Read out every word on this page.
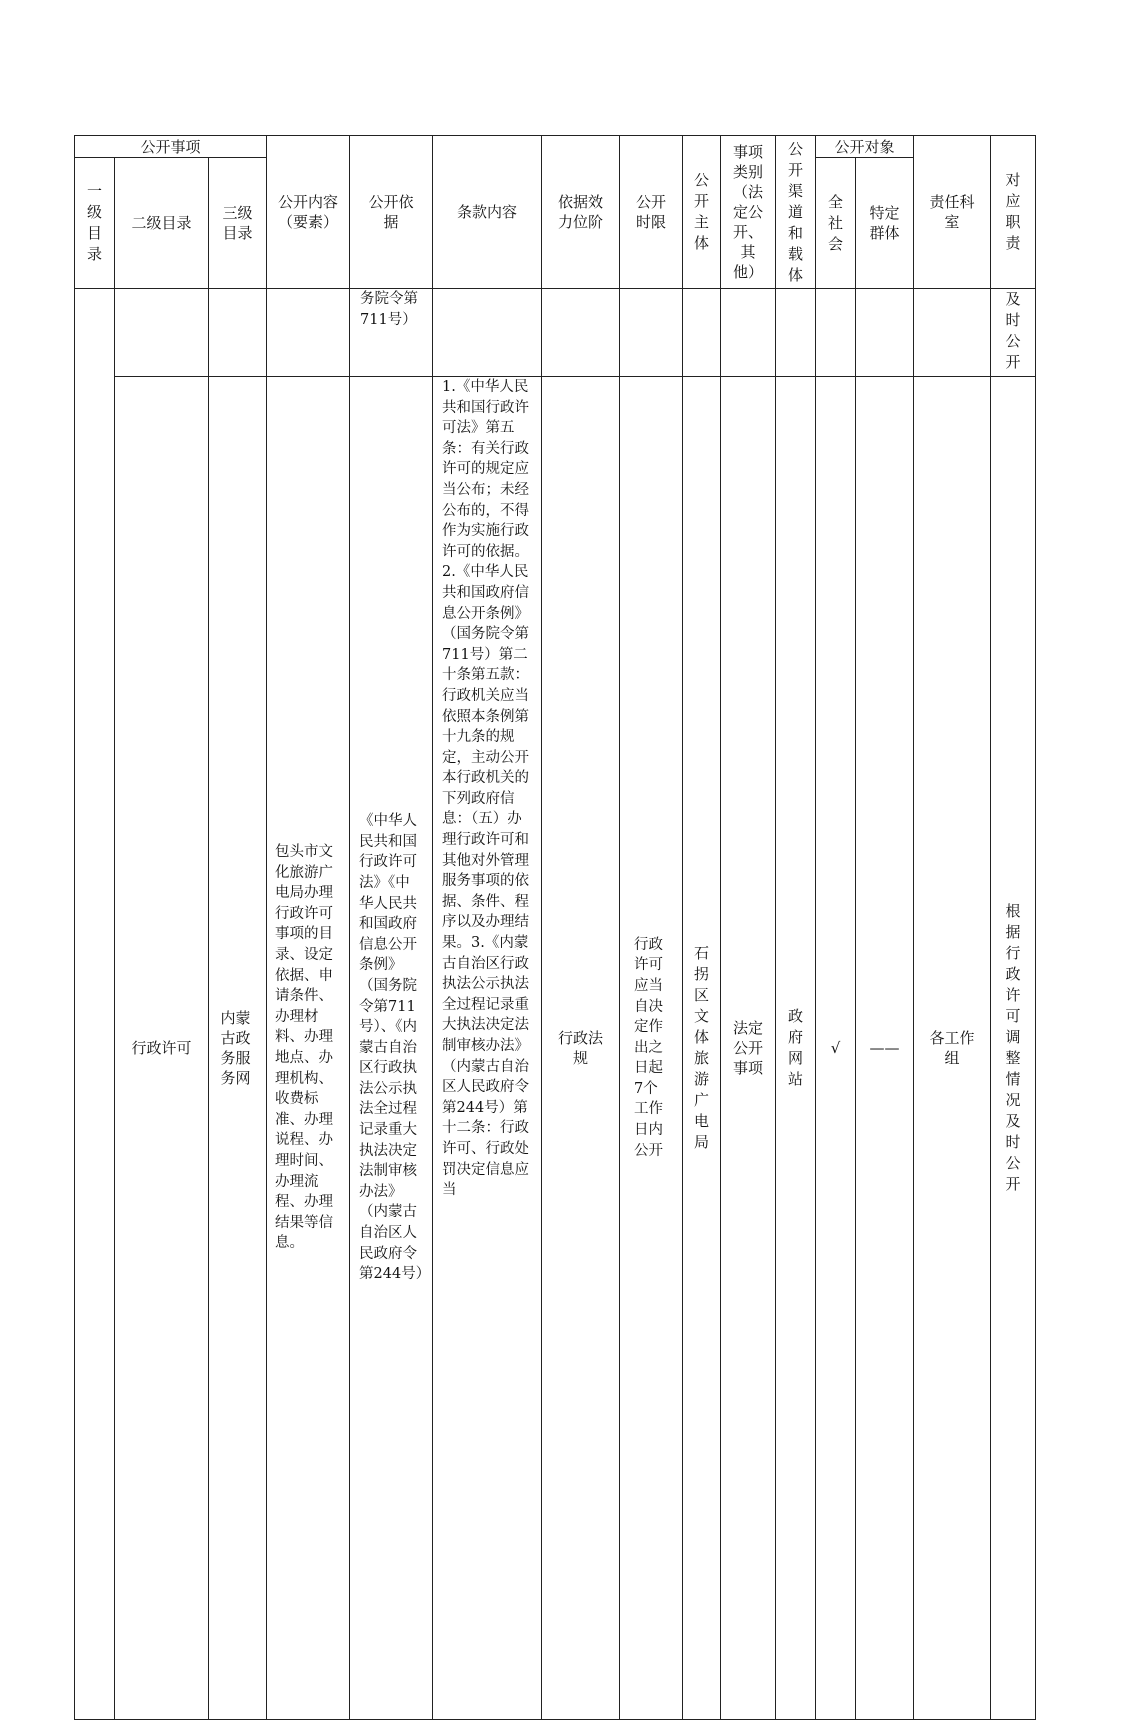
公开事项			公开内容（要素）	公开依据	条款内容	依据效力位阶	公开时限	公开主体	事项类别（法定公开、其他）	公开渠道和载体	公开对象		责任科室	对应职责
一级目录	二级目录	三级目录									全社会	特定群体		

				务院令第711号）										及时公开
	行政许可	内蒙古政务服务网	包头市文化旅游广电局办理行政许可事项的目录、设定依据、申请条件、办理材料、办理地点、办理机构、收费标准、办理说程、办理时间、办理流程、办理结果等信息。	《中华人民共和国行政许可法》《中华人民共和国政府信息公开条例》（国务院令第711号）、《内蒙古自治区行政执法公示执法全过程记录重大执法决定法制审核办法》（内蒙古自治区人民政府令第244号）	1.《中华人民共和国行政许可法》第五条：有关行政许可的规定应当公布；未经公布的，不得作为实施行政许可的依据。2.《中华人民共和国政府信息公开条例》（国务院令第711号）第二十条第五款：行政机关应当依照本条例第十九条的规定，主动公开本行政机关的下列政府信息：（五）办理行政许可和其他对外管理服务事项的依据、条件、程序以及办理结果。3.《内蒙古自治区行政执法公示执法全过程记录重大执法决定法制审核办法》（内蒙古自治区人民政府令第244号）第十二条：行政许可、行政处罚决定信息应当	行政法规	行政许可应当自决定作出之日起7个工作日内公开	石拐区文体旅游广电局	法定公开事项	政府网站	√	——	各工作组	根据行政许可调整情况及时公开
